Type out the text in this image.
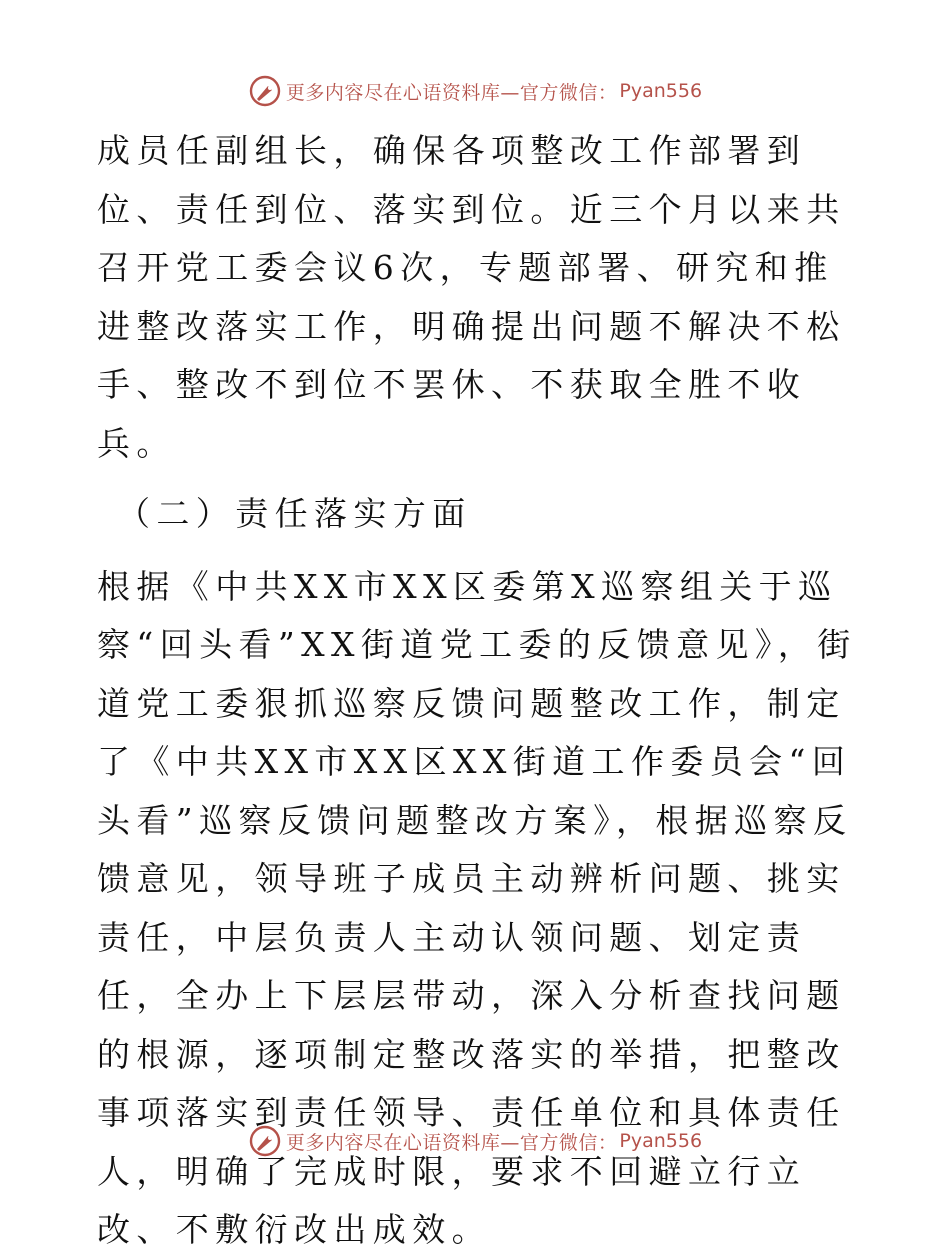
更多内容尽在心语资料库—官方微信： Pyan556

成员任副组长，确保各项整改工作部署到位、责任到位、落实到位。近三个月以来共召开党工委会议6次，专题部署、研究和推进整改落实工作，明确提出问题不解决不松手、整改不到位不罢休、不获取全胜不收兵。

（二）责任落实方面

根据《中共XX市XX区委第X巡察组关于巡察“回头看”XX街道党工委的反馈意见》，街道党工委狠抓巡察反馈问题整改工作，制定了《中共XX市XX区XX街道工作委员会“回头看”巡察反馈问题整改方案》，根据巡察反馈意见，领导班子成员主动辨析问题、挑实责任，中层负责人主动认领问题、划定责任，全办上下层层带动，深入分析查找问题的根源，逐项制定整改落实的举措，把整改事项落实到责任领导、责任单位和具体责任人，明确了完成时限，要求不回避立行立改、不敷衍改出成效。

更多内容尽在心语资料库—官方微信： Pyan556
